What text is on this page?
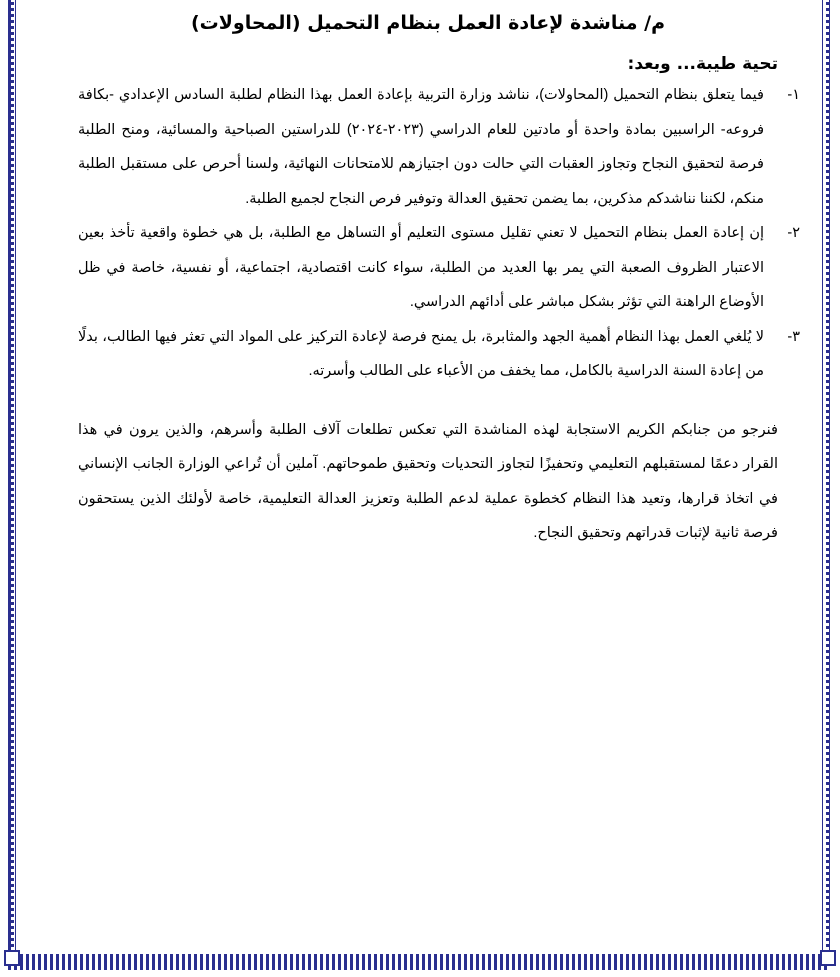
م/ مناشدة لإعادة العمل بنظام التحميل (المحاولات)
تحية طيبة... وبعد:
١-
فيما يتعلق بنظام التحميل (المحاولات)، نناشد وزارة التربية بإعادة العمل بهذا النظام لطلبة السادس الإعدادي -بكافة فروعه- الراسبين بمادة واحدة أو مادتين للعام الدراسي (٢٠٢٣-٢٠٢٤) للدراستين الصباحية والمسائية، ومنح الطلبة فرصة لتحقيق النجاح وتجاوز العقبات التي حالت دون اجتيازهم للامتحانات النهائية، ولسنا أحرص على مستقبل الطلبة منكم، لكننا نناشدكم مذكرين، بما يضمن تحقيق العدالة وتوفير فرص النجاح لجميع الطلبة.
٢-
إن إعادة العمل بنظام التحميل لا تعني تقليل مستوى التعليم أو التساهل مع الطلبة، بل هي خطوة واقعية تأخذ بعين الاعتبار الظروف الصعبة التي يمر بها العديد من الطلبة، سواء كانت اقتصادية، اجتماعية، أو نفسية، خاصة في ظل الأوضاع الراهنة التي تؤثر بشكل مباشر على أدائهم الدراسي.
٣-
لا يُلغي العمل بهذا النظام أهمية الجهد والمثابرة، بل يمنح فرصة لإعادة التركيز على المواد التي تعثر فيها الطالب، بدلًا من إعادة السنة الدراسية بالكامل، مما يخفف من الأعباء على الطالب وأسرته.
فنرجو من جنابكم الكريم الاستجابة لهذه المناشدة التي تعكس تطلعات آلاف الطلبة وأسرهم، والذين يرون في هذا القرار دعمًا لمستقبلهم التعليمي وتحفيزًا لتجاوز التحديات وتحقيق طموحاتهم. آملين أن تُراعي الوزارة الجانب الإنساني في اتخاذ قرارها، وتعيد هذا النظام كخطوة عملية لدعم الطلبة وتعزيز العدالة التعليمية، خاصة لأولئك الذين يستحقون فرصة ثانية لإثبات قدراتهم وتحقيق النجاح.
